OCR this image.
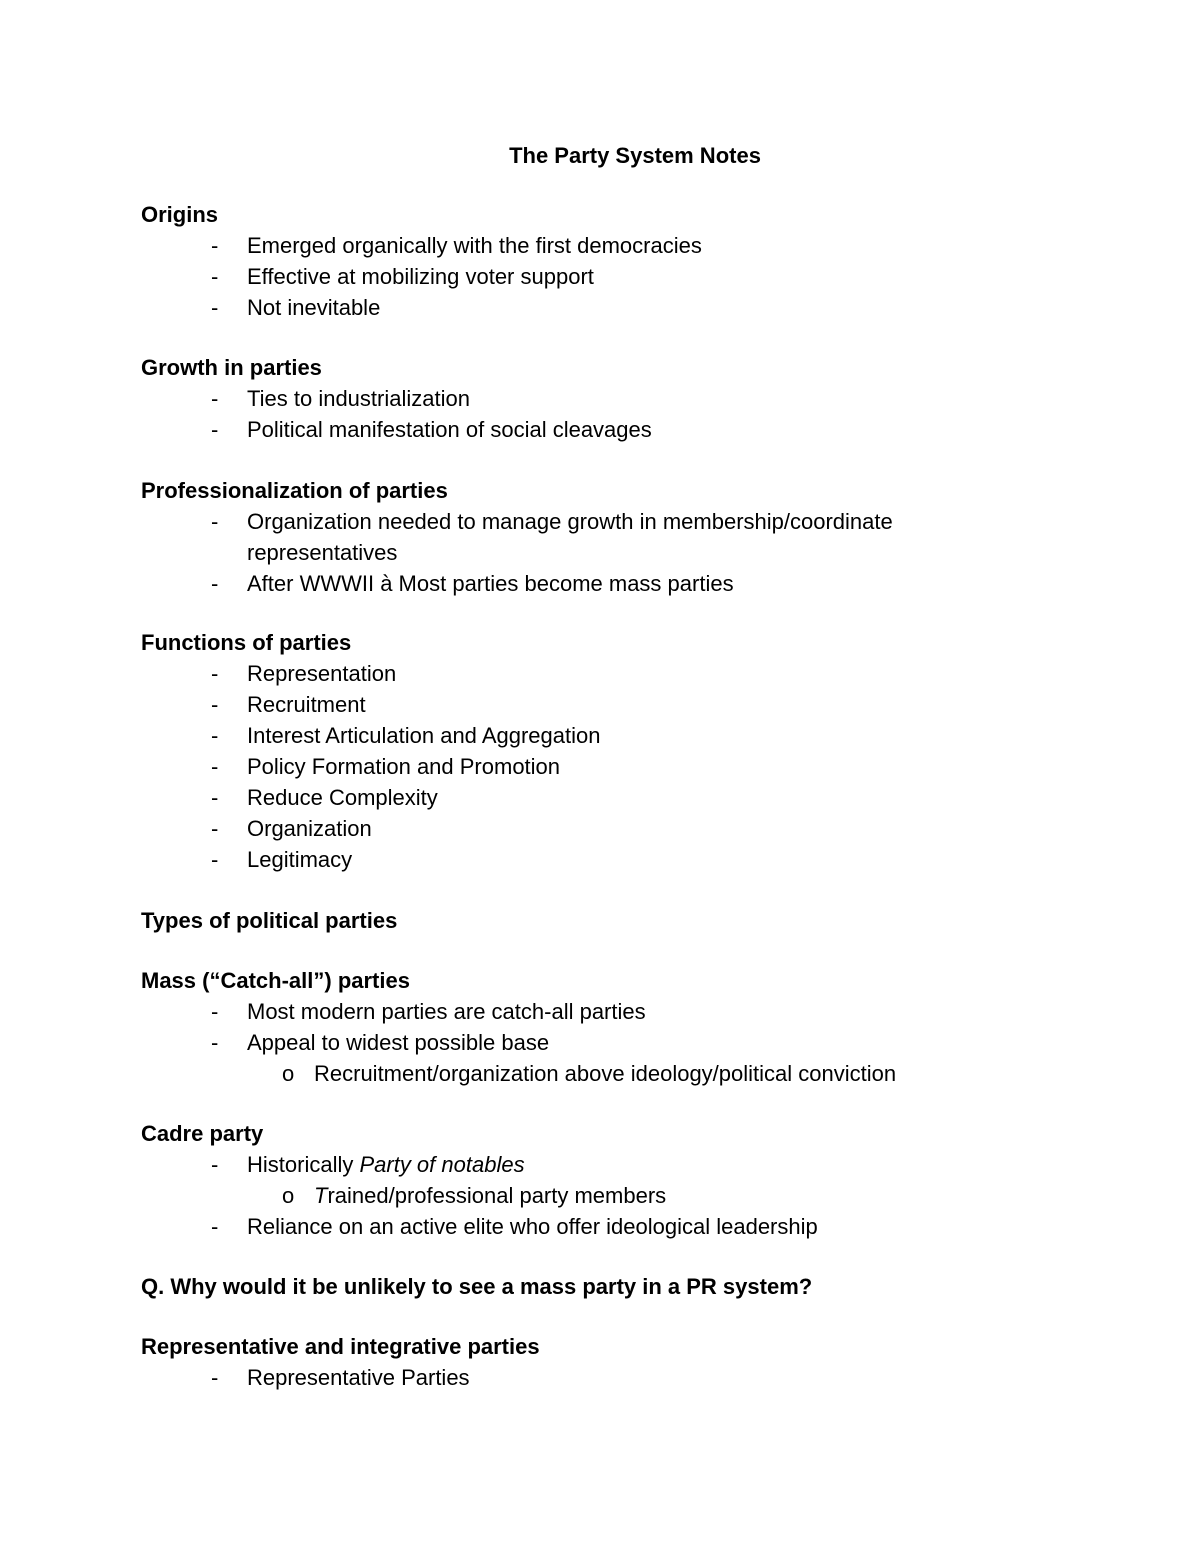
The Party System Notes
Origins
- Emerged organically with the first democracies
- Effective at mobilizing voter support
- Not inevitable
Growth in parties
- Ties to industrialization
- Political manifestation of social cleavages
Professionalization of parties
- Organization needed to manage growth in membership/coordinate
representatives
- After WWWII à Most parties become mass parties
Functions of parties
- Representation
- Recruitment
- Interest Articulation and Aggregation
- Policy Formation and Promotion
- Reduce Complexity
- Organization
- Legitimacy
Types of political parties
Mass (“Catch-all”) parties
- Most modern parties are catch-all parties
- Appeal to widest possible base
o Recruitment/organization above ideology/political conviction
Cadre party
- Historically Party of notables
o Trained/professional party members
- Reliance on an active elite who offer ideological leadership
Q. Why would it be unlikely to see a mass party in a PR system?
Representative and integrative parties
- Representative Parties
